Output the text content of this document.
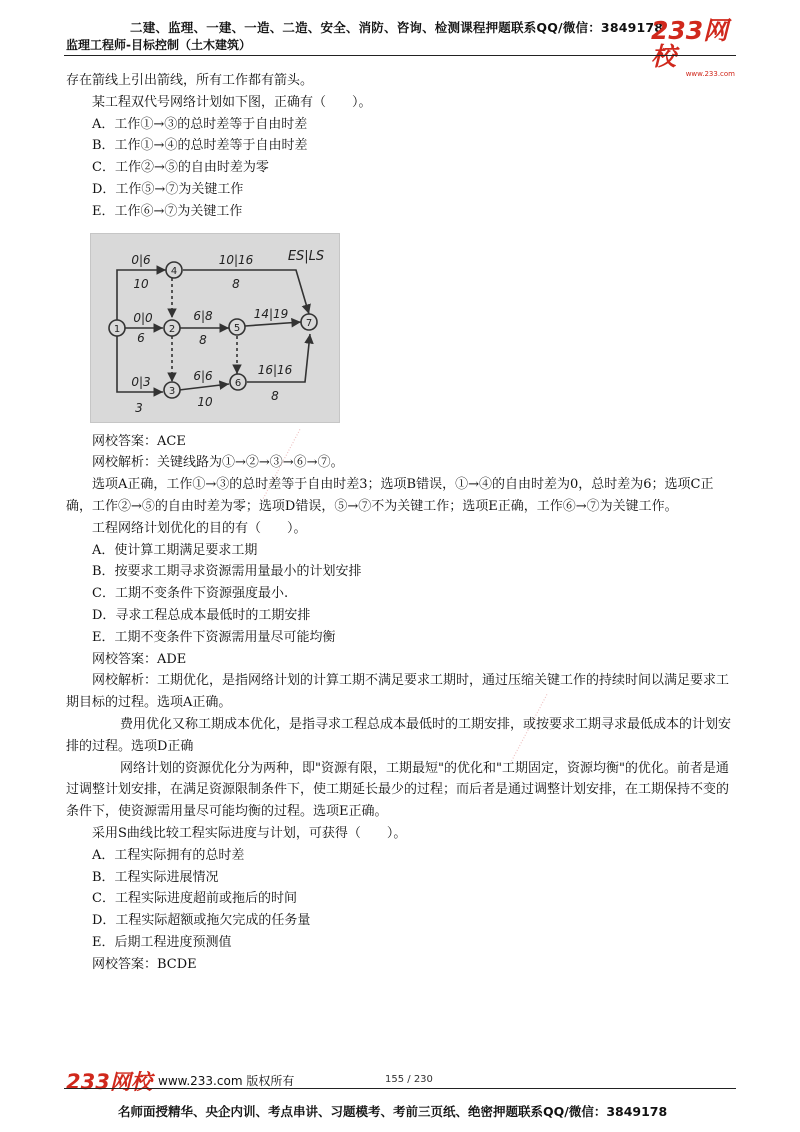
二建、监理、一建、一造、二造、安全、消防、咨询、检测课程押题联系QQ/微信：3849178
监理工程师-目标控制（土木建筑）	233网校
www.233.com
·····························
·····························

存在箭线上引出箭线，所有工作都有箭头。

某工程双代号网络计划如下图，正确有（　　）。

A．工作①→③的总时差等于自由时差

B．工作①→④的总时差等于自由时差

C．工作②→⑤的自由时差为零

D．工作⑤→⑦为关键工作

E．工作⑥→⑦为关键工作

1	2
3
4
5
6
7
ES|LS
0|6
10
10|16
8
0|0
6
6|8
8
14|19
0|3
3
6|6
10
16|16
8

网校答案：ACE

网校解析：关键线路为①→②→③→⑥→⑦。

选项A正确，工作①→③的总时差等于自由时差3；选项B错误，①→④的自由时差为0，总时差为6；选项C正确，工作②→⑤的自由时差为零；选项D错误，⑤→⑦不为关键工作；选项E正确，工作⑥→⑦为关键工作。

工程网络计划优化的目的有（　　）。

A．使计算工期满足要求工期

B．按要求工期寻求资源需用量最小的计划安排

C．工期不变条件下资源强度最小.

D．寻求工程总成本最低时的工期安排

E．工期不变条件下资源需用量尽可能均衡

网校答案：ADE

网校解析：工期优化，是指网络计划的计算工期不满足要求工期时，通过压缩关键工作的持续时间以满足要求工期目标的过程。选项A正确。

费用优化又称工期成本优化，是指寻求工程总成本最低时的工期安排，或按要求工期寻求最低成本的计划安排的过程。选项D正确

网络计划的资源优化分为两种，即"资源有限，工期最短"的优化和"工期固定，资源均衡"的优化。前者是通过调整计划安排，在满足资源限制条件下，使工期延长最少的过程；而后者是通过调整计划安排，在工期保持不变的条件下，使资源需用量尽可能均衡的过程。选项E正确。

采用S曲线比较工程实际进度与计划，可获得（　　）。

A．工程实际拥有的总时差

B．工程实际进展情况

C．工程实际进度超前或拖后的时间

D．工程实际超额或拖欠完成的任务量

E．后期工程进度预测值

网校答案：BCDE

233网校 www.233.com 版权所有	155 / 230
名师面授精华、央企内训、考点串讲、习题模考、考前三页纸、绝密押题联系QQ/微信：3849178
